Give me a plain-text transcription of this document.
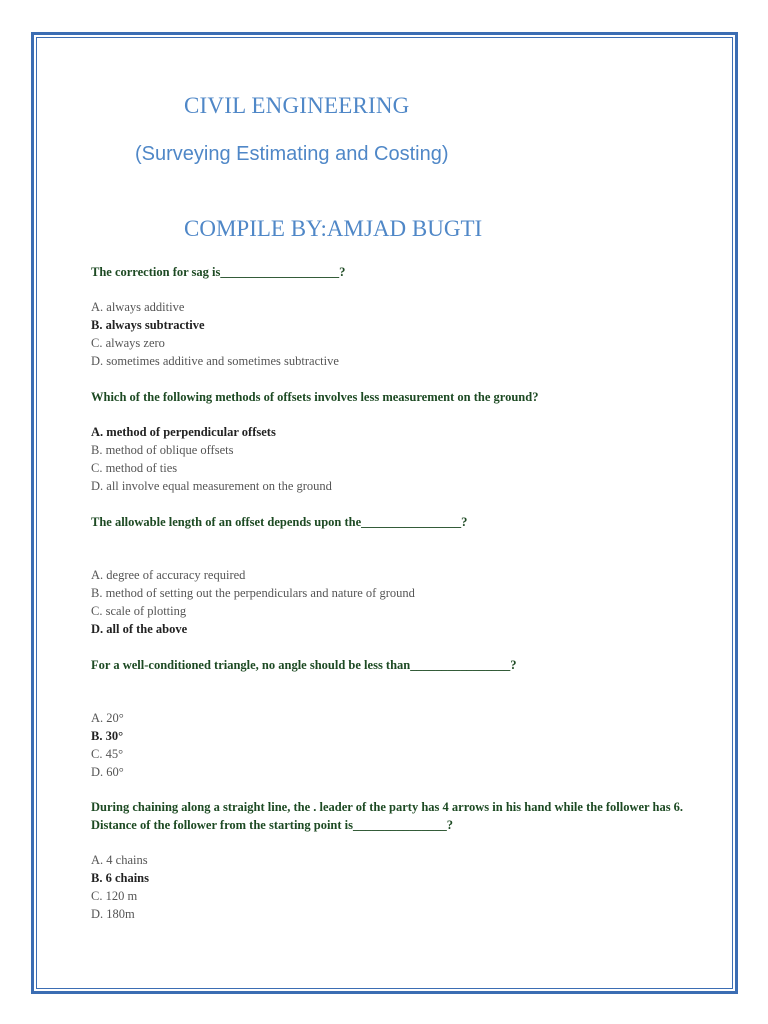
CIVIL ENGINEERING
(Surveying Estimating and Costing)
COMPILE BY:AMJAD BUGTI

The correction for sag is___________________?

A. always additive
B. always subtractive
C. always zero
D. sometimes additive and sometimes subtractive

Which of the following methods of offsets involves less measurement on the ground?

A. method of perpendicular offsets
B. method of oblique offsets
C. method of ties
D. all involve equal measurement on the ground

The allowable length of an offset depends upon the________________?

A. degree of accuracy required
B. method of setting out the perpendiculars and nature of ground
C. scale of plotting
D. all of the above

For a well-conditioned triangle, no angle should be less than________________?

A. 20°
B. 30°
C. 45°
D. 60°

During chaining along a straight line, the . leader of the party has 4 arrows in his hand while the follower has 6. Distance of the follower from the starting point is_______________?

A. 4 chains
B. 6 chains
C. 120 m
D. 180m
